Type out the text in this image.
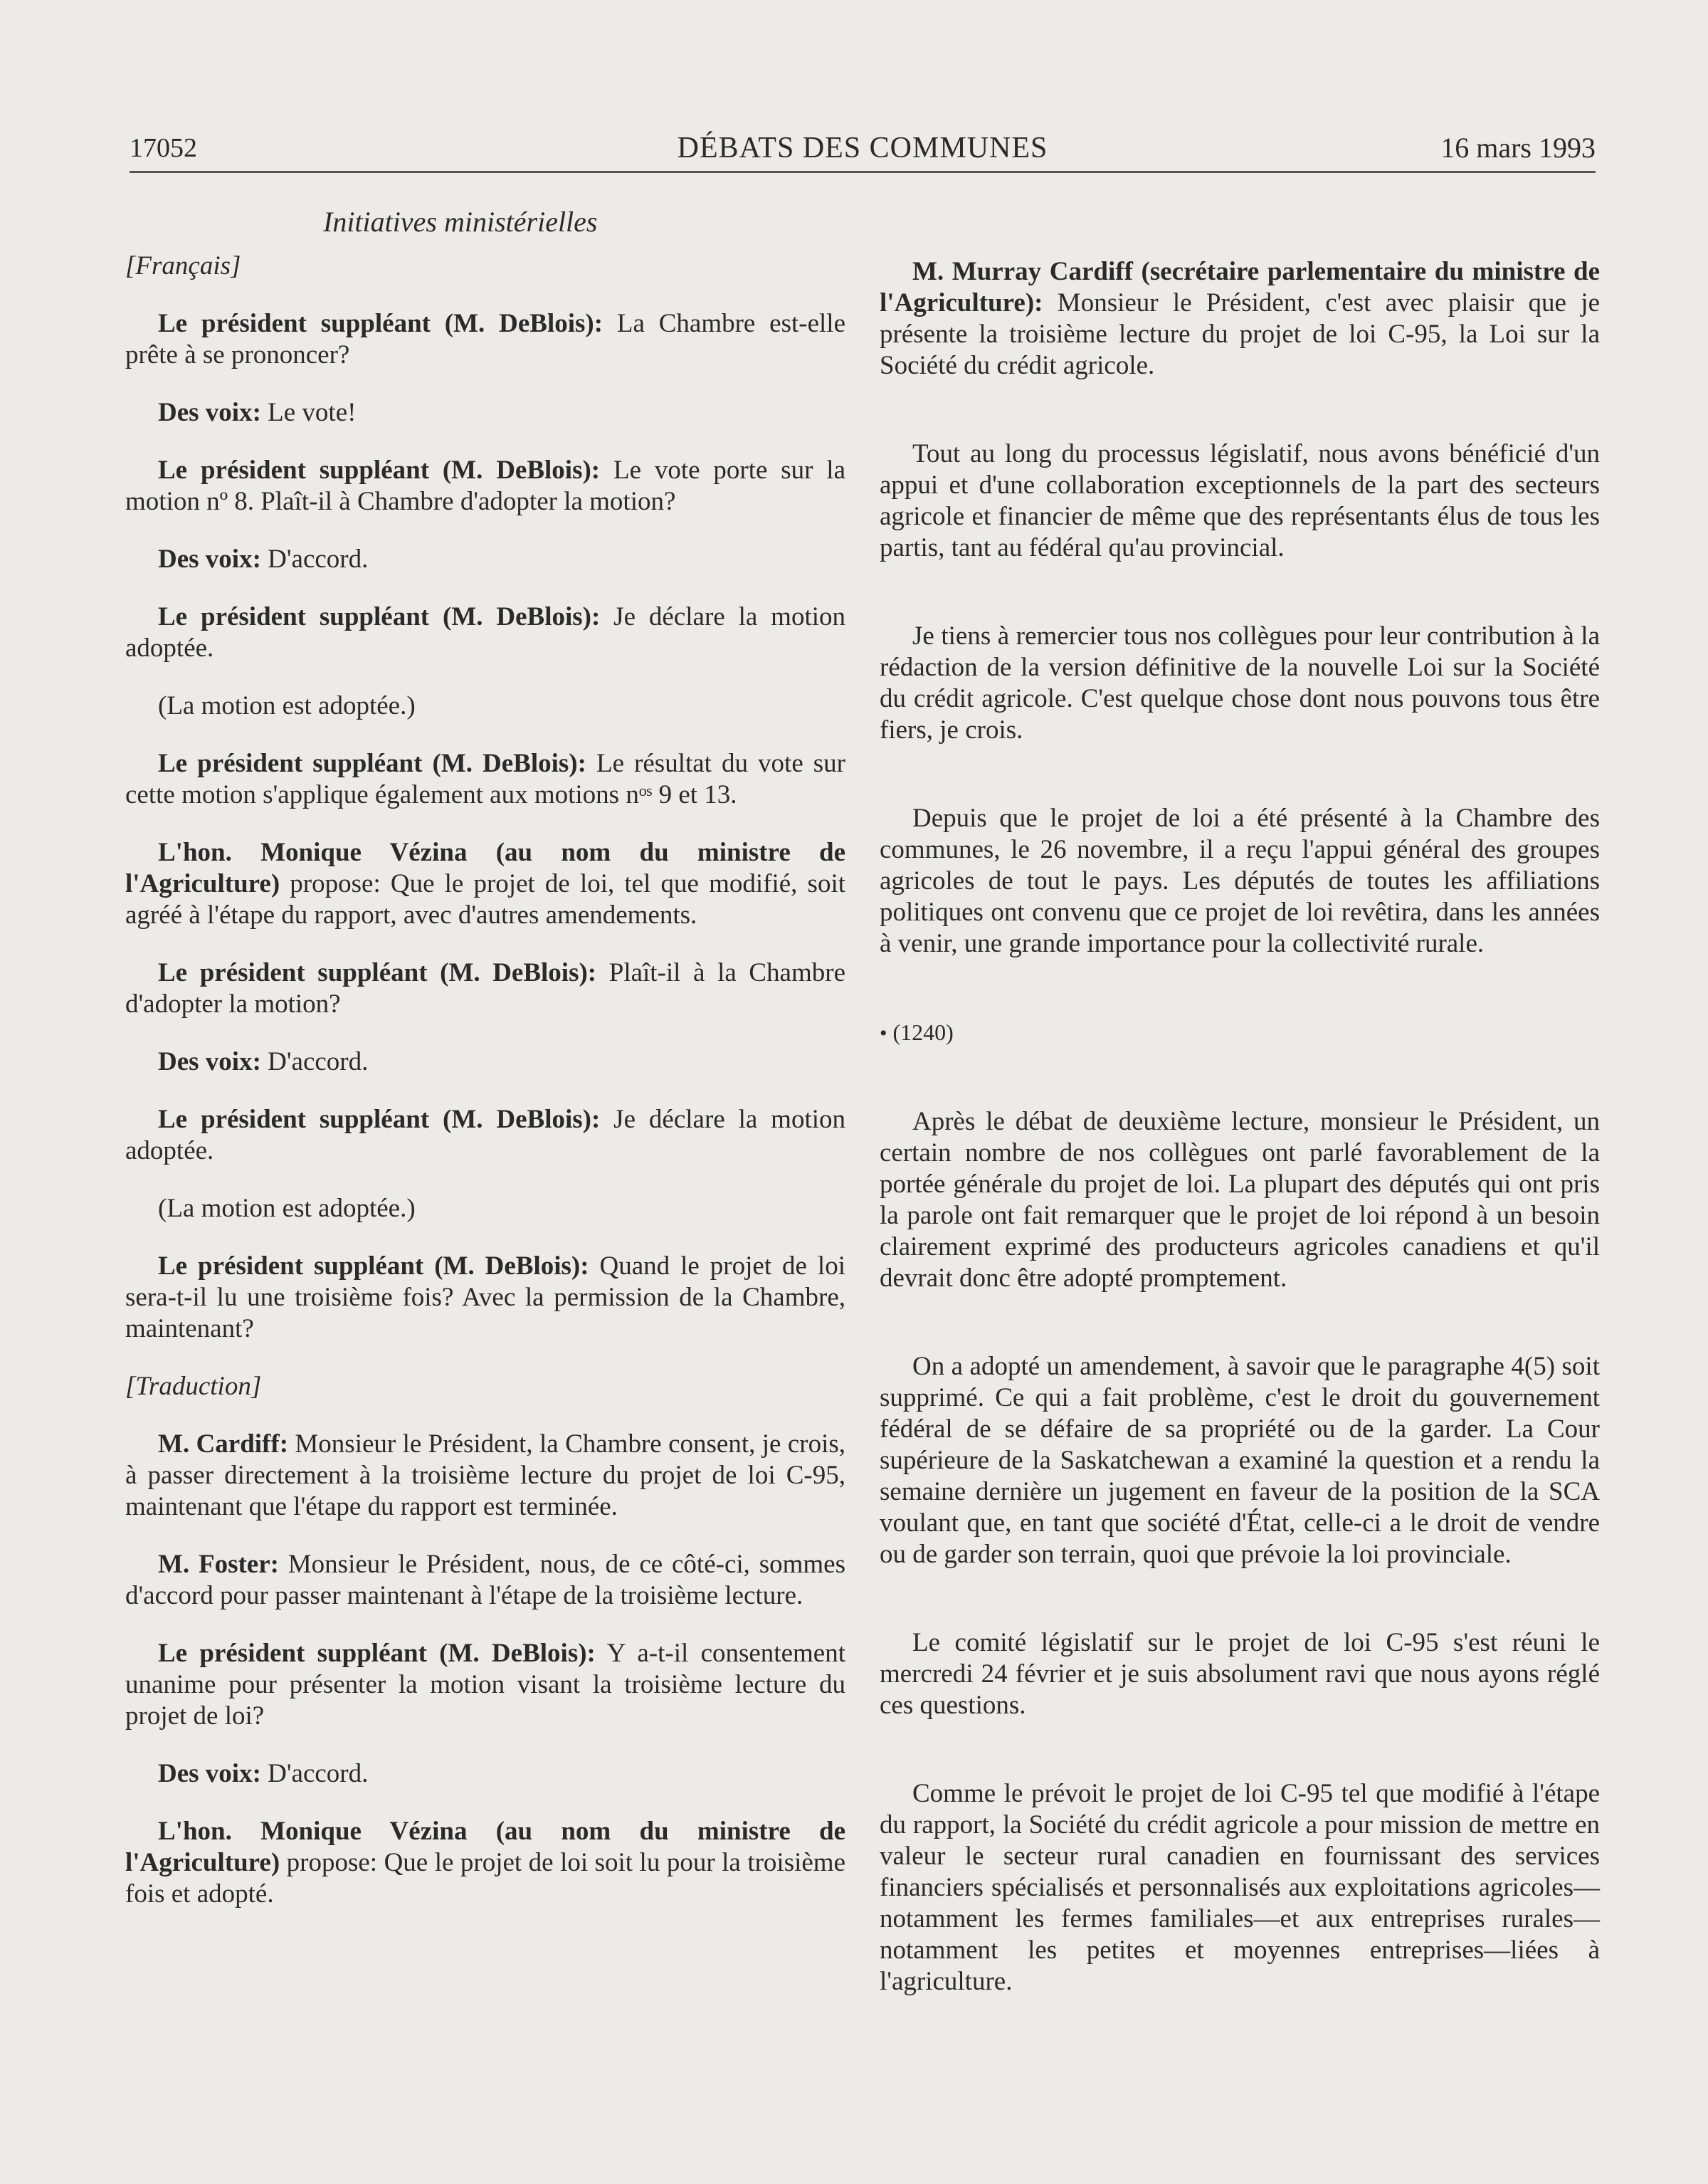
17052	DÉBATS DES COMMUNES	16 mars 1993
Initiatives ministérielles

[Français]

Le président suppléant (M. DeBlois): La Chambre est-elle prête à se prononcer?

Des voix: Le vote!

Le président suppléant (M. DeBlois): Le vote porte sur la motion nº 8. Plaît-il à Chambre d'adopter la motion?

Des voix: D'accord.

Le président suppléant (M. DeBlois): Je déclare la motion adoptée.

(La motion est adoptée.)

Le président suppléant (M. DeBlois): Le résultat du vote sur cette motion s'applique également aux motions nᵒˢ 9 et 13.

L'hon. Monique Vézina (au nom du ministre de l'Agriculture) propose: Que le projet de loi, tel que modifié, soit agréé à l'étape du rapport, avec d'autres amendements.

Le président suppléant (M. DeBlois): Plaît-il à la Chambre d'adopter la motion?

Des voix: D'accord.

Le président suppléant (M. DeBlois): Je déclare la motion adoptée.

(La motion est adoptée.)

Le président suppléant (M. DeBlois): Quand le projet de loi sera-t-il lu une troisième fois? Avec la permission de la Chambre, maintenant?

[Traduction]

M. Cardiff: Monsieur le Président, la Chambre consent, je crois, à passer directement à la troisième lecture du projet de loi C-95, maintenant que l'étape du rapport est terminée.

M. Foster: Monsieur le Président, nous, de ce côté-ci, sommes d'accord pour passer maintenant à l'étape de la troisième lecture.

Le président suppléant (M. DeBlois): Y a-t-il consentement unanime pour présenter la motion visant la troisième lecture du projet de loi?

Des voix: D'accord.

L'hon. Monique Vézina (au nom du ministre de l'Agriculture) propose: Que le projet de loi soit lu pour la troisième fois et adopté.

M. Murray Cardiff (secrétaire parlementaire du ministre de l'Agriculture): Monsieur le Président, c'est avec plaisir que je présente la troisième lecture du projet de loi C-95, la Loi sur la Société du crédit agricole.

Tout au long du processus législatif, nous avons bénéficié d'un appui et d'une collaboration exceptionnels de la part des secteurs agricole et financier de même que des représentants élus de tous les partis, tant au fédéral qu'au provincial.

Je tiens à remercier tous nos collègues pour leur contribution à la rédaction de la version définitive de la nouvelle Loi sur la Société du crédit agricole. C'est quelque chose dont nous pouvons tous être fiers, je crois.

Depuis que le projet de loi a été présenté à la Chambre des communes, le 26 novembre, il a reçu l'appui général des groupes agricoles de tout le pays. Les députés de toutes les affiliations politiques ont convenu que ce projet de loi revêtira, dans les années à venir, une grande importance pour la collectivité rurale.

• (1240)

Après le débat de deuxième lecture, monsieur le Président, un certain nombre de nos collègues ont parlé favorablement de la portée générale du projet de loi. La plupart des députés qui ont pris la parole ont fait remarquer que le projet de loi répond à un besoin clairement exprimé des producteurs agricoles canadiens et qu'il devrait donc être adopté promptement.

On a adopté un amendement, à savoir que le paragraphe 4(5) soit supprimé. Ce qui a fait problème, c'est le droit du gouvernement fédéral de se défaire de sa propriété ou de la garder. La Cour supérieure de la Saskatchewan a examiné la question et a rendu la semaine dernière un jugement en faveur de la position de la SCA voulant que, en tant que société d'État, celle-ci a le droit de vendre ou de garder son terrain, quoi que prévoie la loi provinciale.

Le comité législatif sur le projet de loi C-95 s'est réuni le mercredi 24 février et je suis absolument ravi que nous ayons réglé ces questions.

Comme le prévoit le projet de loi C-95 tel que modifié à l'étape du rapport, la Société du crédit agricole a pour mission de mettre en valeur le secteur rural canadien en fournissant des services financiers spécialisés et personnalisés aux exploitations agricoles—notamment les fermes familiales—et aux entreprises rurales—notamment les petites et moyennes entreprises—liées à l'agriculture.
